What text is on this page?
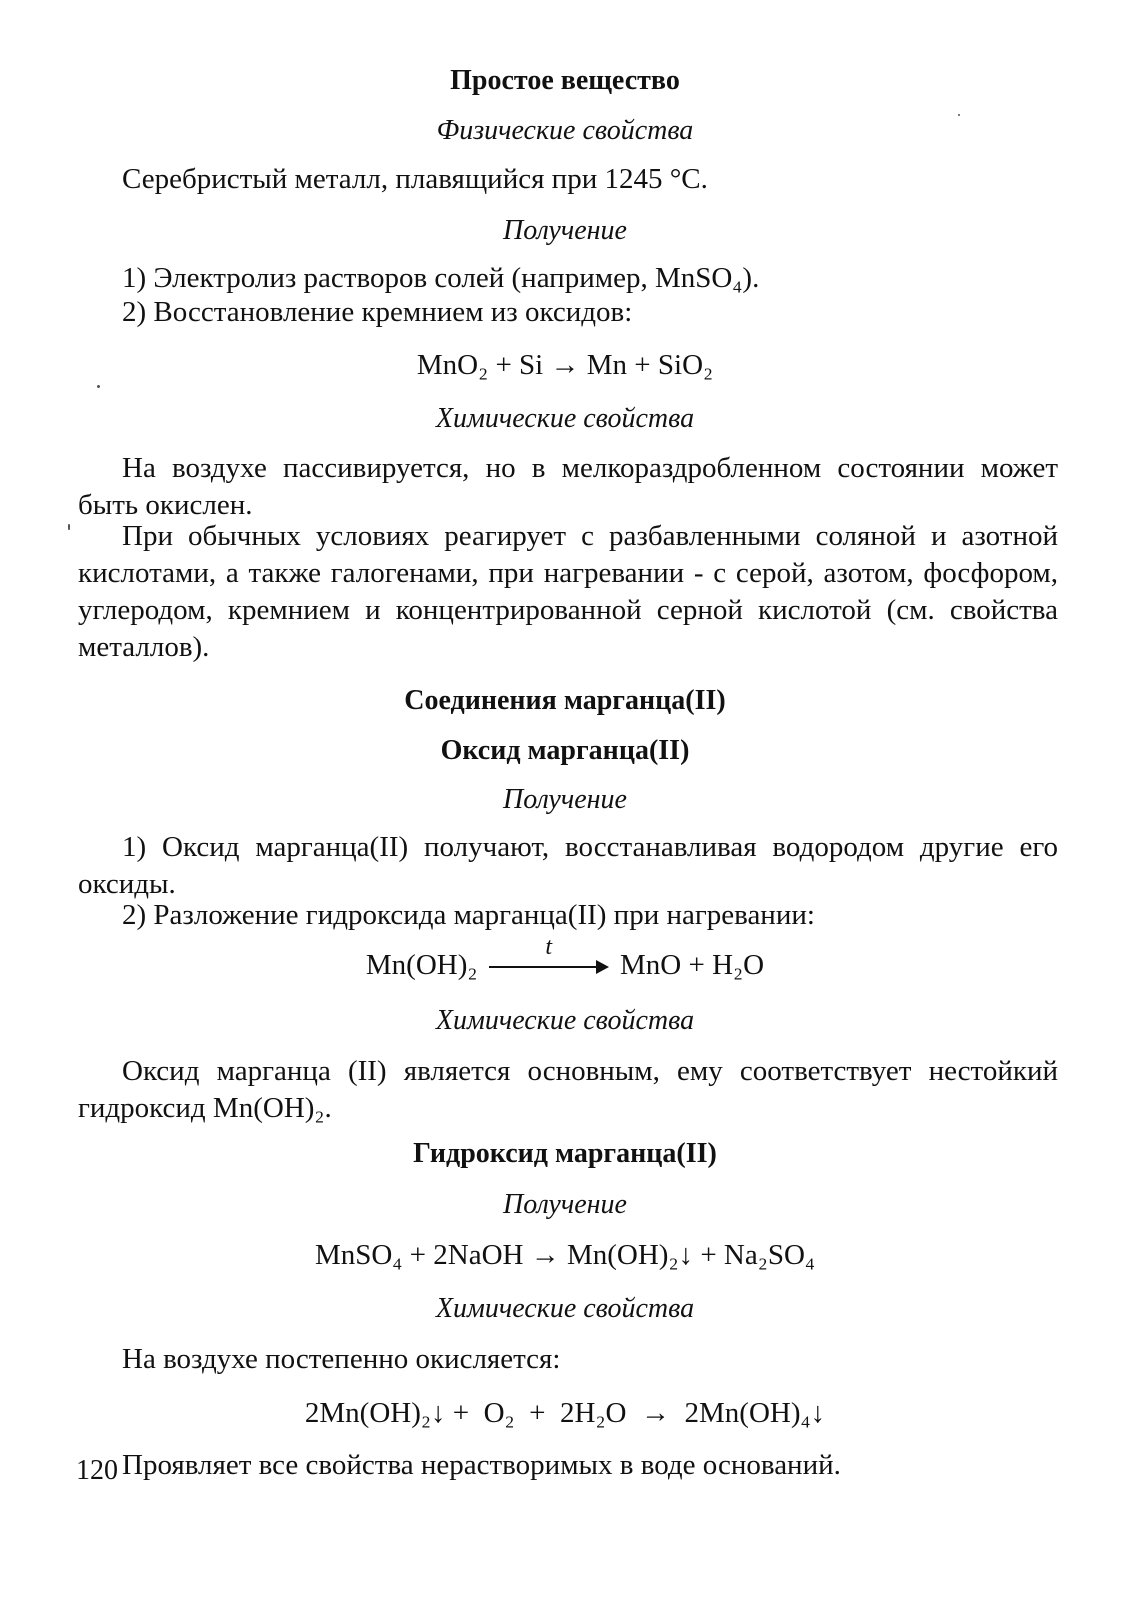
Простое вещество
Физические свойства
Серебристый металл, плавящийся при 1245 °С.
Получение
1) Электролиз растворов солей (например, MnSO₄).
2) Восстановление кремнием из оксидов:
MnO₂ + Si → Mn + SiO₂
Химические свойства
На воздухе пассивируется, но в мелкораздробленном состоянии может быть окислен.
При обычных условиях реагирует с разбавленными соляной и азотной кислотами, а также галогенами, при нагревании - с серой, азотом, фосфором, углеродом, кремнием и концентрированной серной кислотой (см. свойства металлов).
Соединения марганца(II)
Оксид марганца(II)
Получение
1) Оксид марганца(II) получают, восстанавливая водородом другие его оксиды.
2) Разложение гидроксида марганца(II) при нагревании:
Mn(OH)₂
t
MnO + H₂O
Химические свойства
Оксид марганца (II) является основным, ему соответствует нестойкий гидроксид Mn(OH)₂.
Гидроксид марганца(II)
Получение
MnSO₄ + 2NaOH → Mn(OH)₂↓ + Na₂SO₄
Химические свойства
На воздухе постепенно окисляется:
2Mn(OH)₂↓ +  O₂  +  2H₂O  →  2Mn(OH)₄↓
Проявляет все свойства нерастворимых в воде оснований.
120
